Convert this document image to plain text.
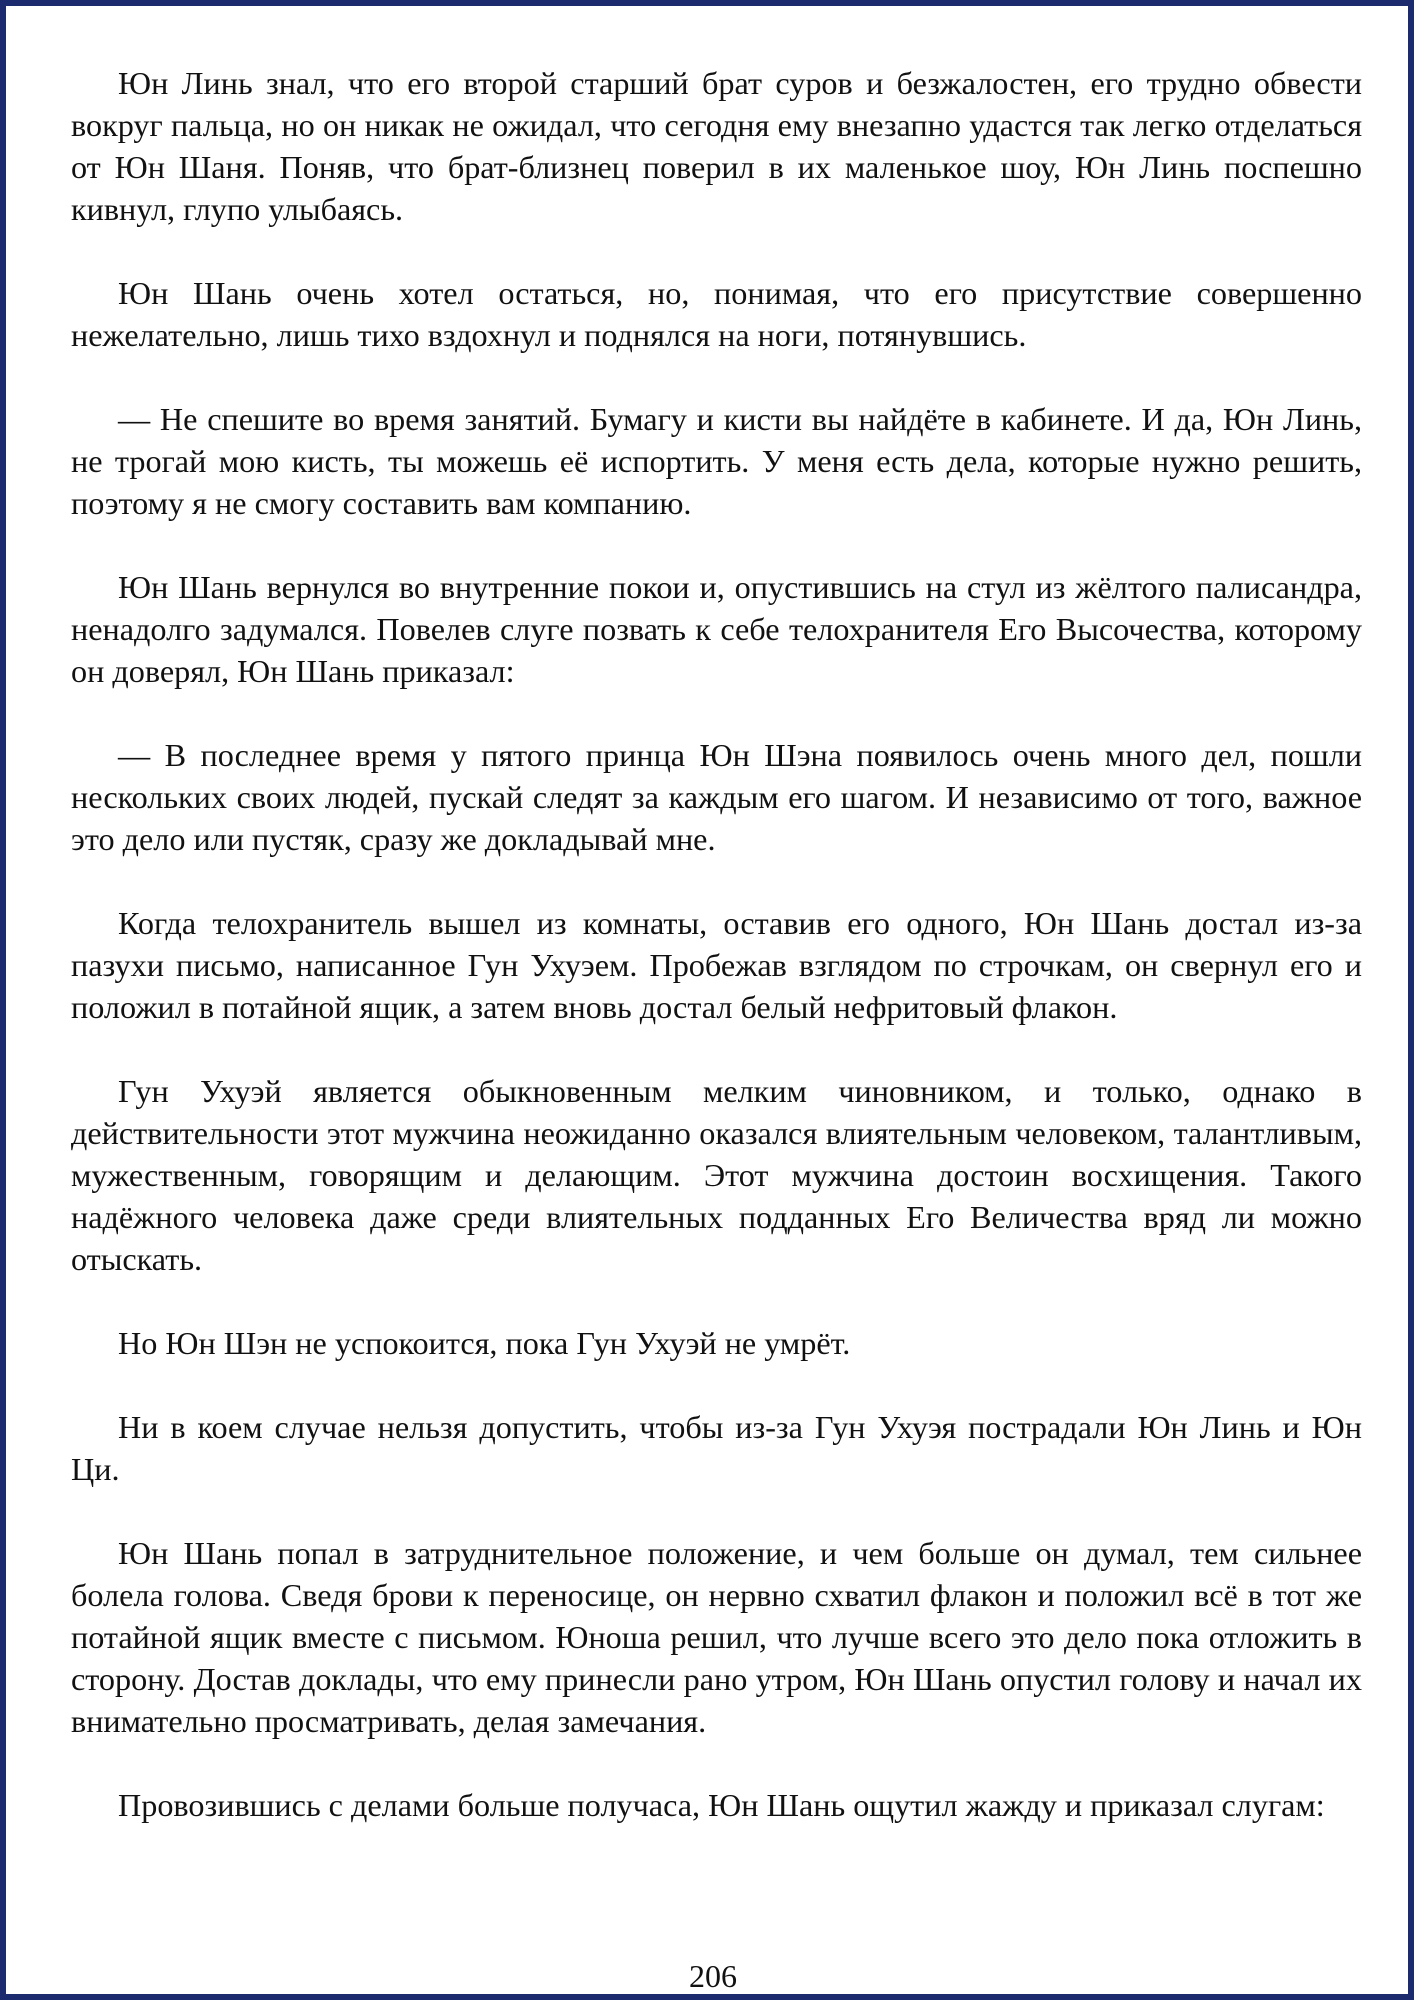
Юн Линь знал, что его второй старший брат суров и безжалостен, его трудно обвести вокруг пальца, но он никак не ожидал, что сегодня ему внезапно удастся так легко отделаться от Юн Шаня. Поняв, что брат-близнец поверил в их маленькое шоу, Юн Линь поспешно кивнул, глупо улыбаясь.

Юн Шань очень хотел остаться, но, понимая, что его присутствие совершенно нежелательно, лишь тихо вздохнул и поднялся на ноги, потянувшись.

— Не спешите во время занятий. Бумагу и кисти вы найдёте в кабинете. И да, Юн Линь, не трогай мою кисть, ты можешь её испортить. У меня есть дела, которые нужно решить, поэтому я не смогу составить вам компанию.

Юн Шань вернулся во внутренние покои и, опустившись на стул из жёлтого палисандра, ненадолго задумался. Повелев слуге позвать к себе телохранителя Его Высочества, которому он доверял, Юн Шань приказал:

— В последнее время у пятого принца Юн Шэна появилось очень много дел, пошли нескольких своих людей, пускай следят за каждым его шагом. И независимо от того, важное это дело или пустяк, сразу же докладывай мне.

Когда телохранитель вышел из комнаты, оставив его одного, Юн Шань достал из-за пазухи письмо, написанное Гун Ухуэем. Пробежав взглядом по строчкам, он свернул его и положил в потайной ящик, а затем вновь достал белый нефритовый флакон.

Гун Ухуэй является обыкновенным мелким чиновником, и только, однако в действительности этот мужчина неожиданно оказался влиятельным человеком, талантливым, мужественным, говорящим и делающим. Этот мужчина достоин восхищения. Такого надёжного человека даже среди влиятельных подданных Его Величества вряд ли можно отыскать.

Но Юн Шэн не успокоится, пока Гун Ухуэй не умрёт.

Ни в коем случае нельзя допустить, чтобы из-за Гун Ухуэя пострадали Юн Линь и Юн Ци.

Юн Шань попал в затруднительное положение, и чем больше он думал, тем сильнее болела голова. Сведя брови к переносице, он нервно схватил флакон и положил всё в тот же потайной ящик вместе с письмом. Юноша решил, что лучше всего это дело пока отложить в сторону. Достав доклады, что ему принесли рано утром, Юн Шань опустил голову и начал их внимательно просматривать, делая замечания.

Провозившись с делами больше получаса, Юн Шань ощутил жажду и приказал слугам:

206
